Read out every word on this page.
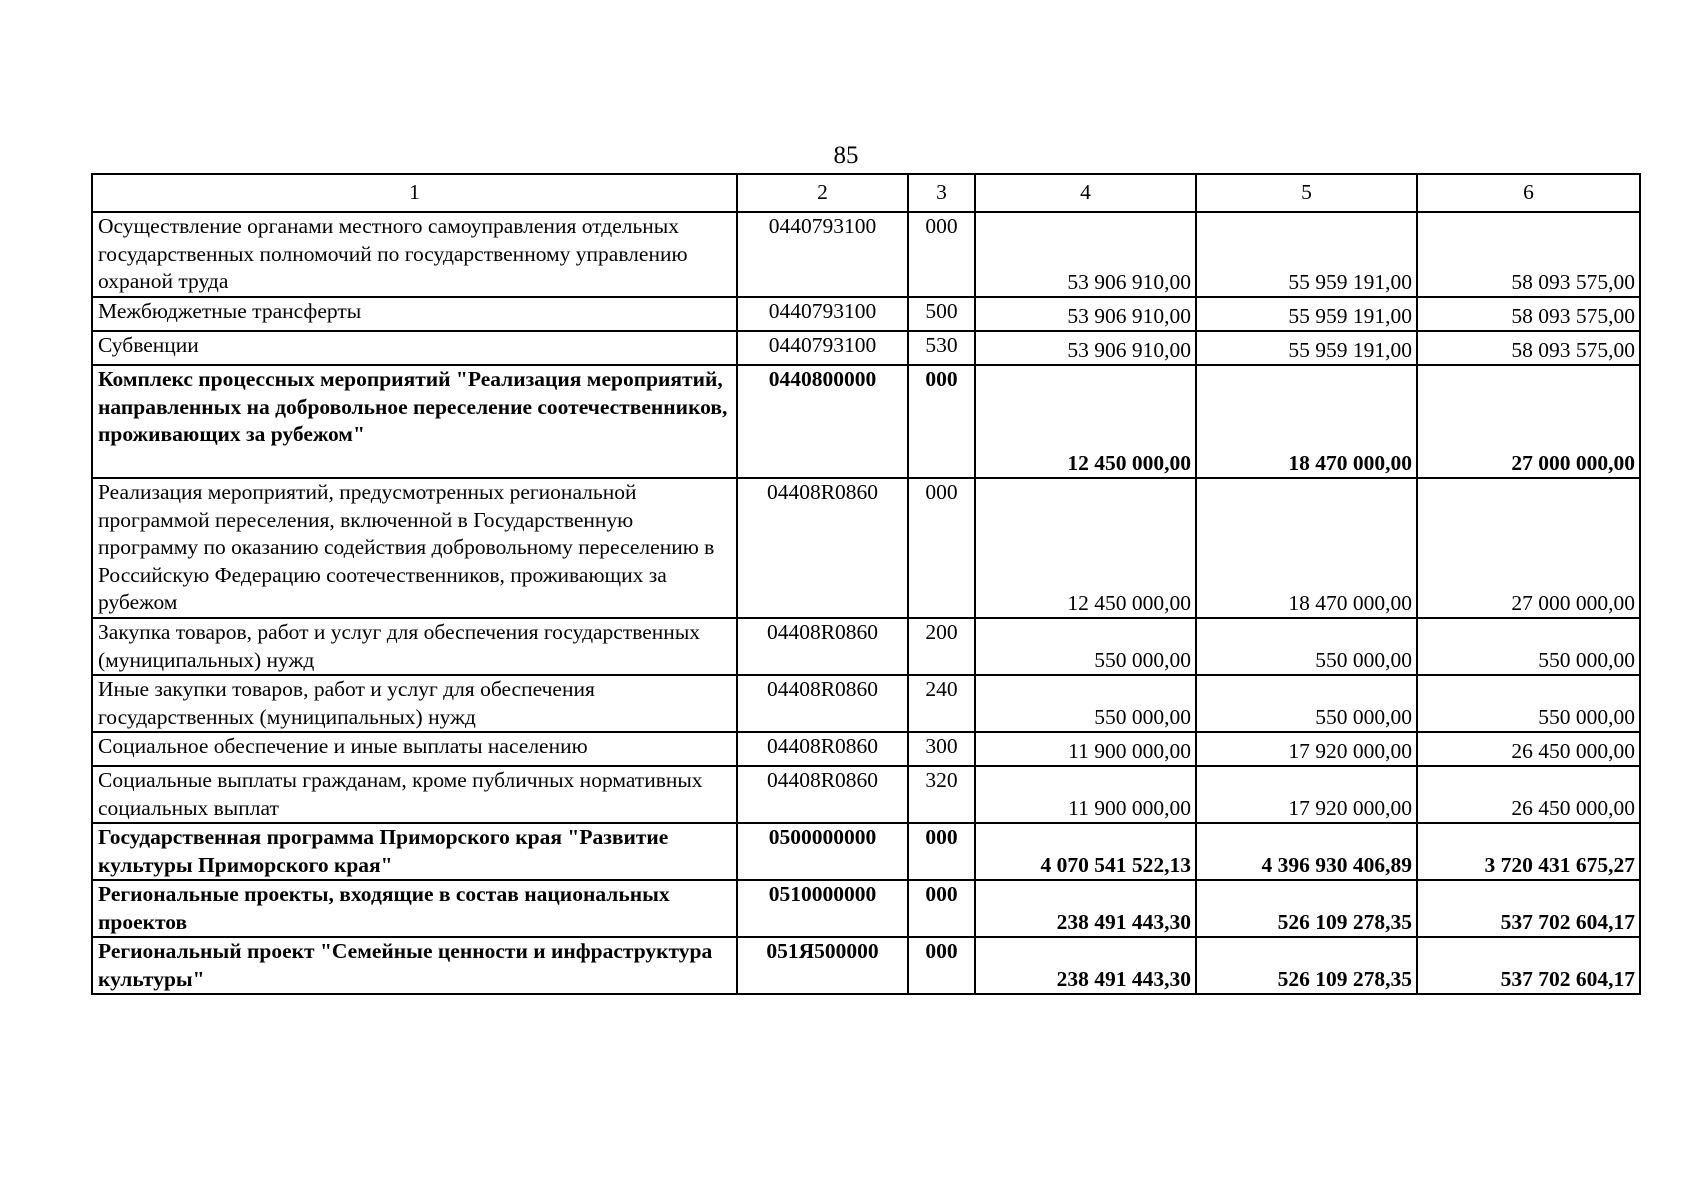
85
1	2	3	4	5	6
Осуществление органами местного самоуправления отдельных государственных полномочий по государственному управлению охраной труда	0440793100	000	53 906 910,00	55 959 191,00	58 093 575,00
Межбюджетные трансферты	0440793100	500	53 906 910,00	55 959 191,00	58 093 575,00
Субвенции	0440793100	530	53 906 910,00	55 959 191,00	58 093 575,00
Комплекс процессных мероприятий "Реализация мероприятий, направленных на добровольное переселение соотечественников, проживающих за рубежом"	0440800000	000	12 450 000,00	18 470 000,00	27 000 000,00
Реализация мероприятий, предусмотренных региональной программой переселения, включенной в Государственную программу по оказанию содействия добровольному переселению в Российскую Федерацию соотечественников, проживающих за рубежом	04408R0860	000	12 450 000,00	18 470 000,00	27 000 000,00
Закупка товаров, работ и услуг для обеспечения государственных (муниципальных) нужд	04408R0860	200	550 000,00	550 000,00	550 000,00
Иные закупки товаров, работ и услуг для обеспечения государственных (муниципальных) нужд	04408R0860	240	550 000,00	550 000,00	550 000,00
Социальное обеспечение и иные выплаты населению	04408R0860	300	11 900 000,00	17 920 000,00	26 450 000,00
Социальные выплаты гражданам, кроме публичных нормативных социальных выплат	04408R0860	320	11 900 000,00	17 920 000,00	26 450 000,00
Государственная программа Приморского края "Развитие культуры Приморского края"	0500000000	000	4 070 541 522,13	4 396 930 406,89	3 720 431 675,27
Региональные проекты, входящие в состав национальных проектов	0510000000	000	238 491 443,30	526 109 278,35	537 702 604,17
Региональный проект "Семейные ценности и инфраструктура культуры"	051Я500000	000	238 491 443,30	526 109 278,35	537 702 604,17
